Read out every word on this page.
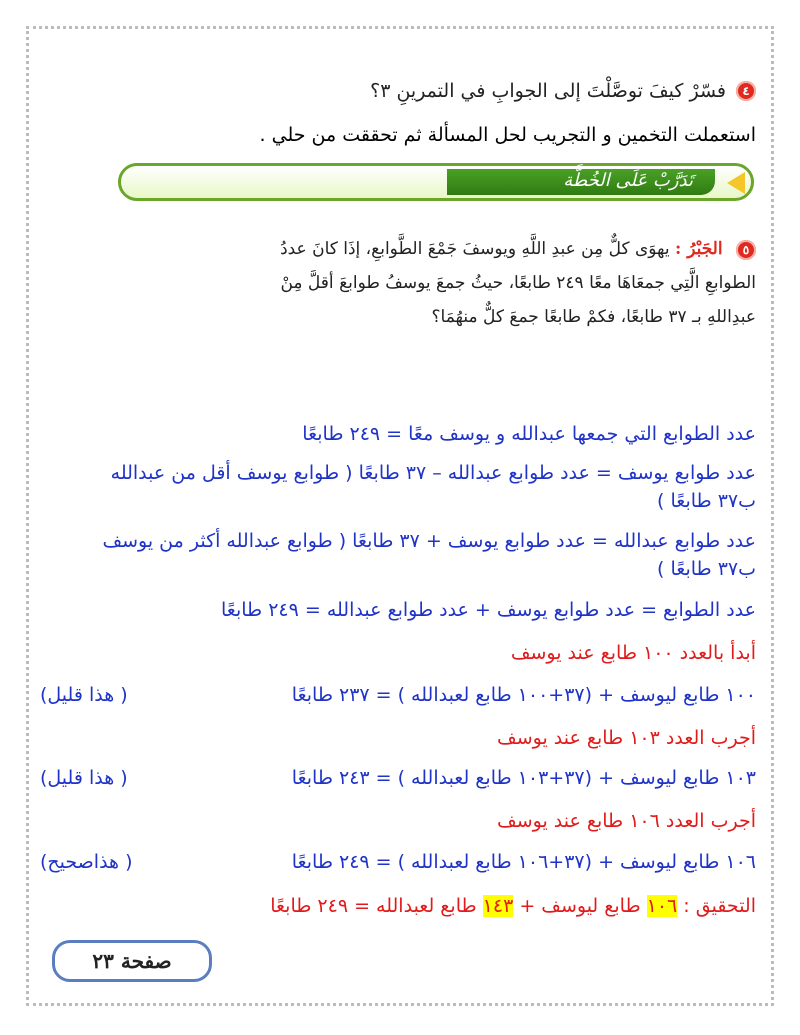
٤
فسّرْ كيفَ توصَّلْتَ إلى الجوابِ في التمرينِ ٣؟
استعملت التخمين و التجريب لحل المسألة ثم تحققت من حلي .
تَدَرَّبْ عَلَى الخُطَّة
٥ الجَبْرُ : يهوَى كلٌّ مِن عبدِ اللَّهِ ويوسفَ جَمْعَ الطَّوابعِ، إذَا كانَ عددُ الطوابعِ الَّتِي جمعَاهَا معًا ٢٤٩ طابعًا، حيثُ جمعَ يوسفُ طوابعَ أقلَّ مِنْ عبدِاللهِ بـ ٣٧ طابعًا، فكمْ طابعًا جمعَ كلٌّ منهُمَا؟
عدد الطوابع التي جمعها عبدالله و يوسف معًا = ٢٤٩ طابعًا
عدد طوابع يوسف = عدد طوابع عبدالله – ٣٧ طابعًا ( طوابع يوسف أقل من عبدالله
ب٣٧ طابعًا )
عدد طوابع عبدالله = عدد طوابع يوسف + ٣٧ طابعًا ( طوابع عبدالله أكثر من يوسف
ب٣٧ طابعًا )
عدد الطوابع = عدد طوابع يوسف + عدد طوابع عبدالله = ٢٤٩ طابعًا
أبدأ بالعدد ١٠٠ طابع عند يوسف
١٠٠ طابع ليوسف + (٣٧+١٠٠ طابع لعبدالله ) = ٢٣٧ طابعًا
( هذا قليل)
أجرب العدد ١٠٣ طابع عند يوسف
١٠٣ طابع ليوسف + (٣٧+١٠٣ طابع لعبدالله ) = ٢٤٣ طابعًا
( هذا قليل)
أجرب العدد ١٠٦ طابع عند يوسف
١٠٦ طابع ليوسف + (٣٧+١٠٦ طابع لعبدالله ) = ٢٤٩ طابعًا
( هذاصحيح)
التحقيق : ١٠٦ طابع ليوسف + ١٤٣ طابع لعبدالله = ٢٤٩ طابعًا
صفحة ٢٣
